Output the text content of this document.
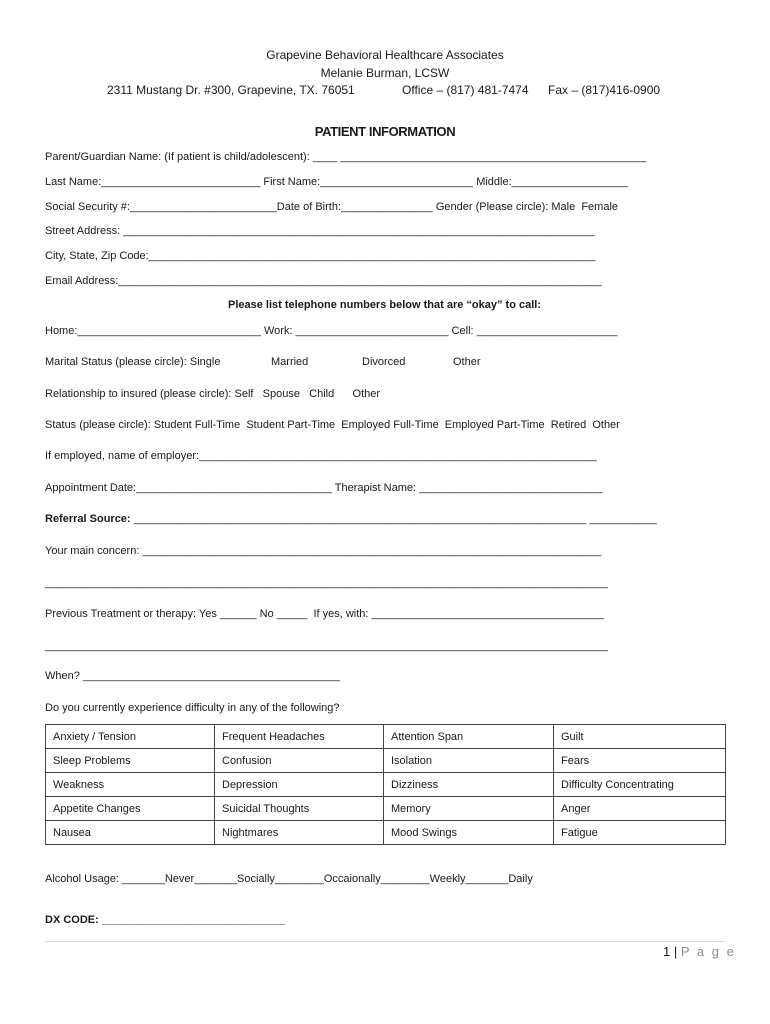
Grapevine Behavioral Healthcare Associates
Melanie Burman, LCSW
2311 Mustang Dr. #300, Grapevine, TX. 76051	Office – (817) 481-7474 Fax – (817)416-0900
PATIENT INFORMATION
Parent/Guardian Name: (If patient is child/adolescent): ____ __________________________________________________
Last Name:__________________________ First Name:_________________________ Middle:___________________
Social Security #:________________________Date of Birth:_______________ Gender (Please circle): Male  Female
Street Address: _____________________________________________________________________________
City, State, Zip Code:_________________________________________________________________________
Email Address:_______________________________________________________________________________
Please list telephone numbers below that are “okay” to call:
Home:______________________________ Work: _________________________ Cell: _______________________
Marital Status (please circle): Single	Married	Divorced	Other
Relationship to insured (please circle): Self   Spouse   Child      Other
Status (please circle): Student Full-Time  Student Part-Time  Employed Full-Time  Employed Part-Time  Retired  Other
If employed, name of employer:_________________________________________________________________
Appointment Date:________________________________ Therapist Name: ______________________________
Referral Source: __________________________________________________________________________ ___________
Your main concern: ___________________________________________________________________________
____________________________________________________________________________________________
Previous Treatment or therapy: Yes ______ No _____  If yes, with: ______________________________________
____________________________________________________________________________________________
When? __________________________________________
Do you currently experience difficulty in any of the following?
Anxiety / Tension	Frequent Headaches	Attention Span	Guilt
Sleep Problems	Confusion	Isolation	Fears
Weakness	Depression	Dizziness	Difficulty Concentrating
Appetite Changes	Suicidal Thoughts	Memory	Anger
Nausea	Nightmares	Mood Swings	Fatigue
Alcohol Usage: _______Never_______Socially________Occaionally________Weekly_______Daily
DX CODE: ______________________________
1 | P a g e
